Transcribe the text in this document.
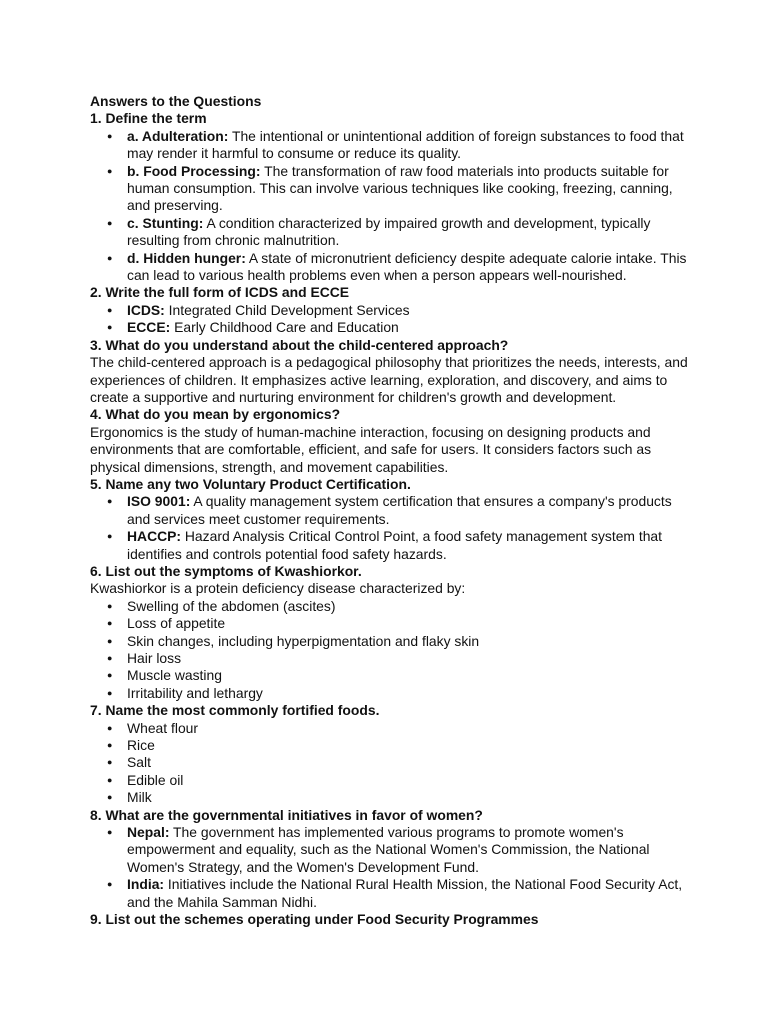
Answers to the Questions

1. Define the term

● a. Adulteration: The intentional or unintentional addition of foreign substances to food that may render it harmful to consume or reduce its quality.
● b. Food Processing: The transformation of raw food materials into products suitable for human consumption. This can involve various techniques like cooking, freezing, canning, and preserving.
● c. Stunting: A condition characterized by impaired growth and development, typically resulting from chronic malnutrition.
● d. Hidden hunger: A state of micronutrient deficiency despite adequate calorie intake. This can lead to various health problems even when a person appears well-nourished.

2. Write the full form of ICDS and ECCE

● ICDS: Integrated Child Development Services
● ECCE: Early Childhood Care and Education

3. What do you understand about the child-centered approach?

The child-centered approach is a pedagogical philosophy that prioritizes the needs, interests, and experiences of children. It emphasizes active learning, exploration, and discovery, and aims to create a supportive and nurturing environment for children's growth and development.

4. What do you mean by ergonomics?

Ergonomics is the study of human-machine interaction, focusing on designing products and environments that are comfortable, efficient, and safe for users. It considers factors such as physical dimensions, strength, and movement capabilities.

5. Name any two Voluntary Product Certification.

● ISO 9001: A quality management system certification that ensures a company's products and services meet customer requirements.
● HACCP: Hazard Analysis Critical Control Point, a food safety management system that identifies and controls potential food safety hazards.

6. List out the symptoms of Kwashiorkor.

Kwashiorkor is a protein deficiency disease characterized by:

● Swelling of the abdomen (ascites)
● Loss of appetite
● Skin changes, including hyperpigmentation and flaky skin
● Hair loss
● Muscle wasting
● Irritability and lethargy

7. Name the most commonly fortified foods.

● Wheat flour
● Rice
● Salt
● Edible oil
● Milk

8. What are the governmental initiatives in favor of women?

● Nepal: The government has implemented various programs to promote women's empowerment and equality, such as the National Women's Commission, the National Women's Strategy, and the Women's Development Fund.
● India: Initiatives include the National Rural Health Mission, the National Food Security Act, and the Mahila Samman Nidhi.

9. List out the schemes operating under Food Security Programmes
